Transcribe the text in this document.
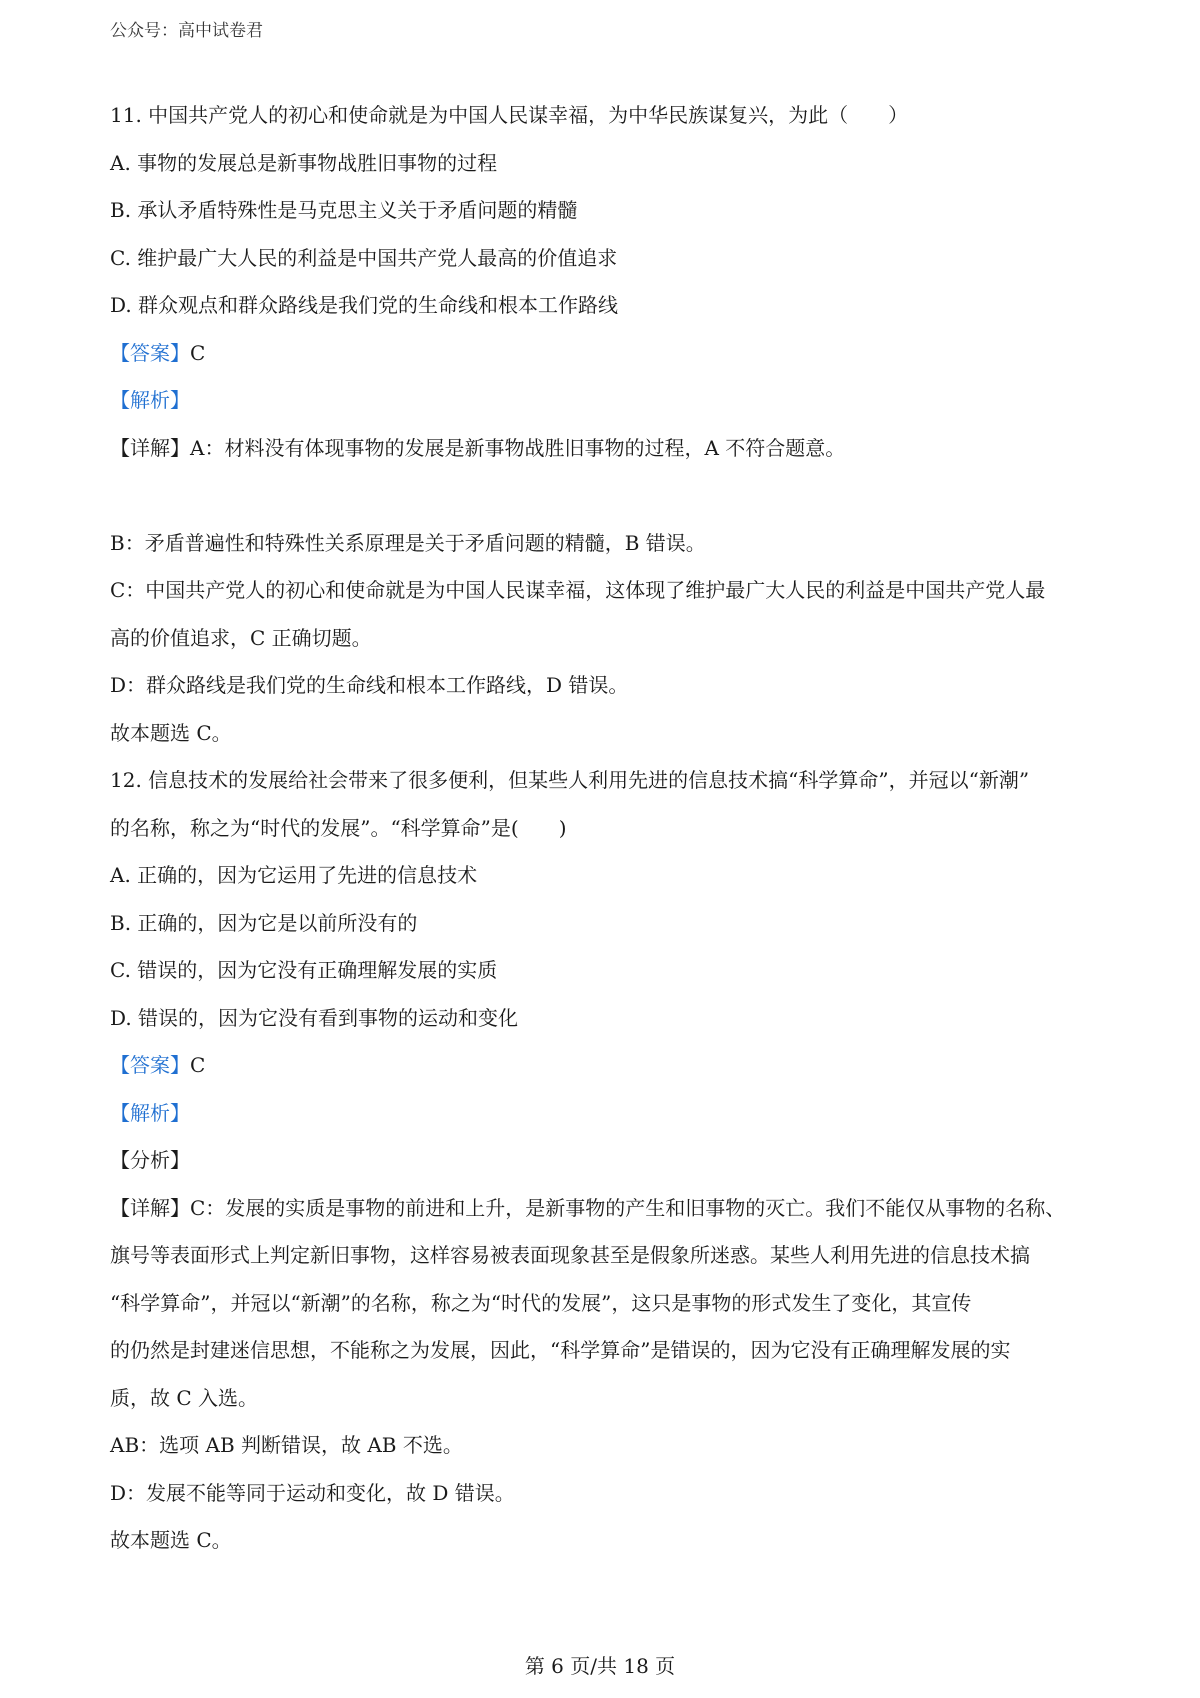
公众号：高中试卷君
11. 中国共产党人的初心和使命就是为中国人民谋幸福，为中华民族谋复兴，为此（　　）
A. 事物的发展总是新事物战胜旧事物的过程
B. 承认矛盾特殊性是马克思主义关于矛盾问题的精髓
C. 维护最广大人民的利益是中国共产党人最高的价值追求
D. 群众观点和群众路线是我们党的生命线和根本工作路线
【答案】C
【解析】
【详解】A：材料没有体现事物的发展是新事物战胜旧事物的过程，A 不符合题意。
B：矛盾普遍性和特殊性关系原理是关于矛盾问题的精髓，B 错误。
C：中国共产党人的初心和使命就是为中国人民谋幸福，这体现了维护最广大人民的利益是中国共产党人最
高的价值追求，C 正确切题。
D：群众路线是我们党的生命线和根本工作路线，D 错误。
故本题选 C。
12. 信息技术的发展给社会带来了很多便利，但某些人利用先进的信息技术搞“科学算命”，并冠以“新潮”
的名称，称之为“时代的发展”。“科学算命”是(　　)
A. 正确的，因为它运用了先进的信息技术
B. 正确的，因为它是以前所没有的
C. 错误的，因为它没有正确理解发展的实质
D. 错误的，因为它没有看到事物的运动和变化
【答案】C
【解析】
【分析】
【详解】C：发展的实质是事物的前进和上升，是新事物的产生和旧事物的灭亡。我们不能仅从事物的名称、
旗号等表面形式上判定新旧事物，这样容易被表面现象甚至是假象所迷惑。某些人利用先进的信息技术搞
“科学算命”，并冠以“新潮”的名称，称之为“时代的发展”，这只是事物的形式发生了变化，其宣传
的仍然是封建迷信思想，不能称之为发展，因此，“科学算命”是错误的，因为它没有正确理解发展的实
质，故 C 入选。
AB：选项 AB 判断错误，故 AB 不选。
D：发展不能等同于运动和变化，故 D 错误。
故本题选 C。
第 6 页/共 18 页
